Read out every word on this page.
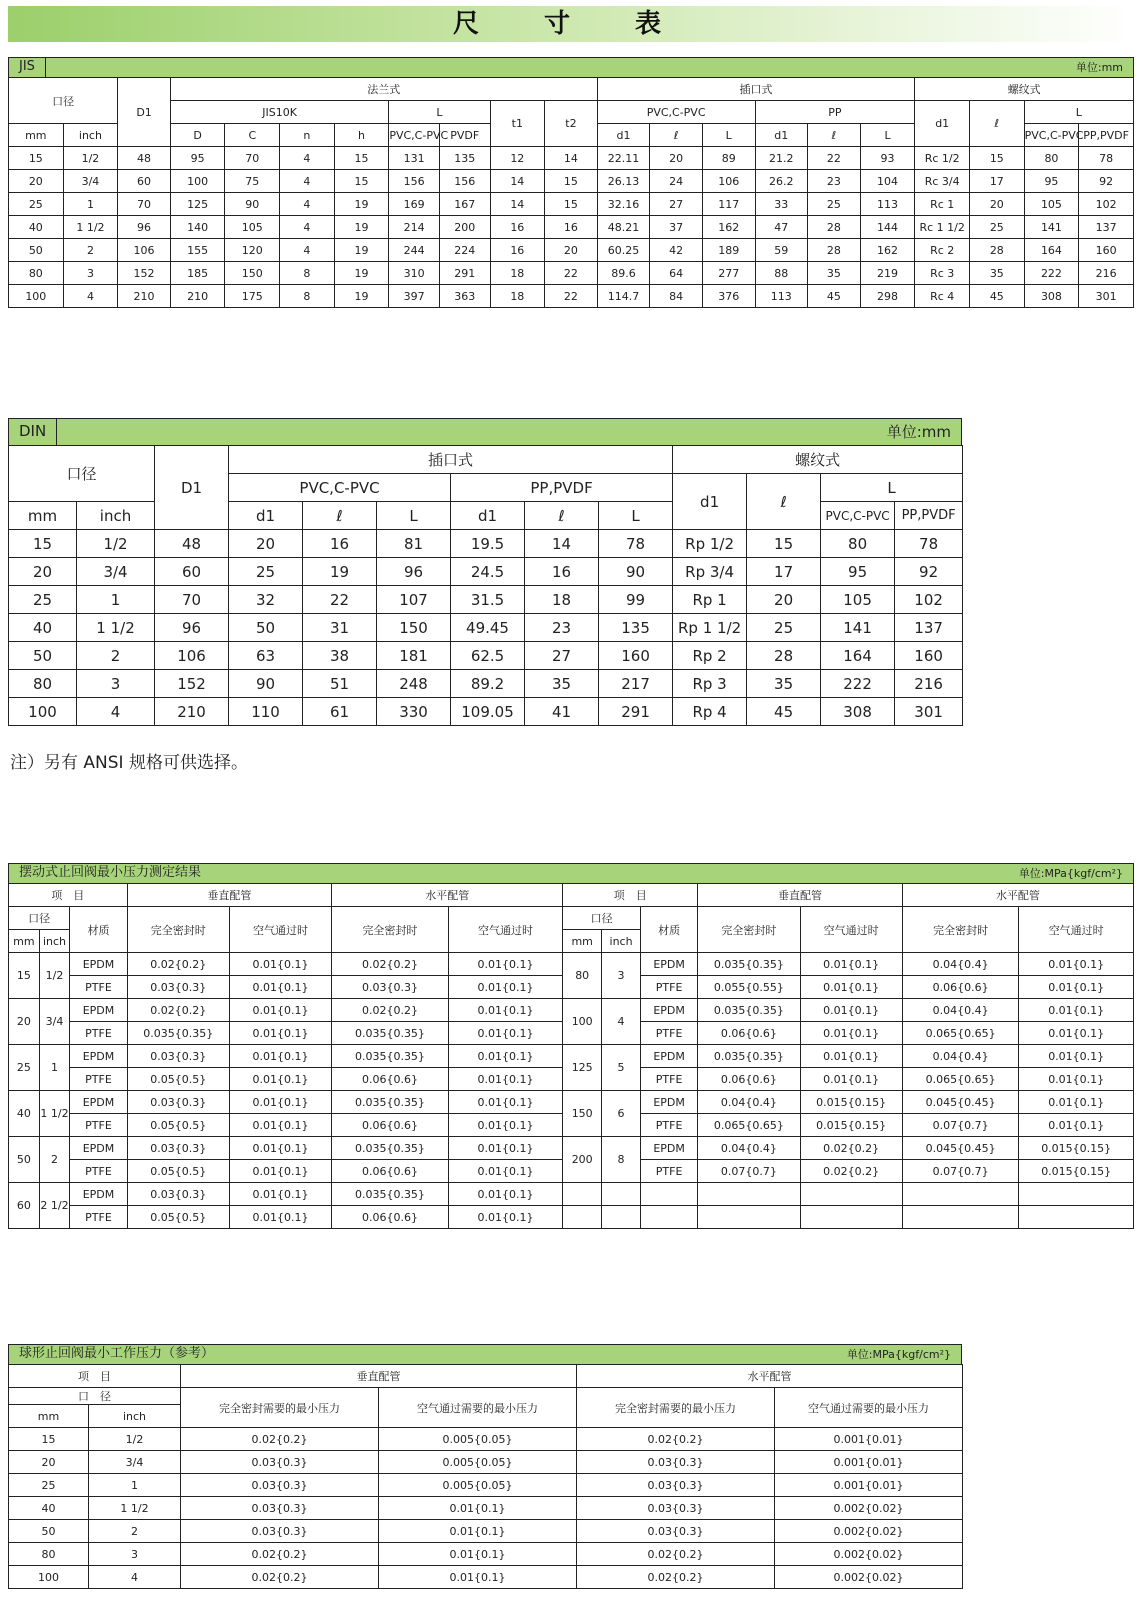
尺 寸 表
JIS	单位:mm
口径		D1	法兰式								插口式						螺纹式			
			JIS10K				L		t1	t2	PVC,C-PVC			PP			d1	ℓ	L	
mm	inch		D	C	n	h	PVC,C-PVC	PVDF			d1	ℓ	L	d1	ℓ	L			PVC,C-PVC	PP,PVDF
15	1/2	48	95	70	4	15	131	135	12	14	22.11	20	89	21.2	22	93	Rc 1/2	15	80	78
20	3/4	60	100	75	4	15	156	156	14	15	26.13	24	106	26.2	23	104	Rc 3/4	17	95	92
25	1	70	125	90	4	19	169	167	14	15	32.16	27	117	33	25	113	Rc 1	20	105	102
40	1 1/2	96	140	105	4	19	214	200	16	16	48.21	37	162	47	28	144	Rc 1 1/2	25	141	137
50	2	106	155	120	4	19	244	224	16	20	60.25	42	189	59	28	162	Rc 2	28	164	160
80	3	152	185	150	8	19	310	291	18	22	89.6	64	277	88	35	219	Rc 3	35	222	216
100	4	210	210	175	8	19	397	363	18	22	114.7	84	376	113	45	298	Rc 4	45	308	301
DIN	单位:mm
口径		D1	插口式						螺纹式			
			PVC,C-PVC			PP,PVDF			d1	ℓ	L	
mm	inch		d1	ℓ	L	d1	ℓ	L			PVC,C-PVC	PP,PVDF
15	1/2	48	20	16	81	19.5	14	78	Rp 1/2	15	80	78
20	3/4	60	25	19	96	24.5	16	90	Rp 3/4	17	95	92
25	1	70	32	22	107	31.5	18	99	Rp 1	20	105	102
40	1 1/2	96	50	31	150	49.45	23	135	Rp 1 1/2	25	141	137
50	2	106	63	38	181	62.5	27	160	Rp 2	28	164	160
80	3	152	90	51	248	89.2	35	217	Rp 3	35	222	216
100	4	210	110	61	330	109.05	41	291	Rp 4	45	308	301
注）另有 ANSI 规格可供选择。
摆动式止回阀最小压力测定结果	单位:MPa{kgf/cm²}
项　目			垂直配管		水平配管		项　目			垂直配管		水平配管	
口径		材质	完全密封时	空气通过时	完全密封时	空气通过时	口径		材质	完全密封时	空气通过时	完全密封时	空气通过时
mm	inch						mm	inch					
15	1/2	EPDM	0.02{0.2}	0.01{0.1}	0.02{0.2}	0.01{0.1}	80	3	EPDM	0.035{0.35}	0.01{0.1}	0.04{0.4}	0.01{0.1}
		PTFE	0.03{0.3}	0.01{0.1}	0.03{0.3}	0.01{0.1}			PTFE	0.055{0.55}	0.01{0.1}	0.06{0.6}	0.01{0.1}
20	3/4	EPDM	0.02{0.2}	0.01{0.1}	0.02{0.2}	0.01{0.1}	100	4	EPDM	0.035{0.35}	0.01{0.1}	0.04{0.4}	0.01{0.1}
		PTFE	0.035{0.35}	0.01{0.1}	0.035{0.35}	0.01{0.1}			PTFE	0.06{0.6}	0.01{0.1}	0.065{0.65}	0.01{0.1}
25	1	EPDM	0.03{0.3}	0.01{0.1}	0.035{0.35}	0.01{0.1}	125	5	EPDM	0.035{0.35}	0.01{0.1}	0.04{0.4}	0.01{0.1}
		PTFE	0.05{0.5}	0.01{0.1}	0.06{0.6}	0.01{0.1}			PTFE	0.06{0.6}	0.01{0.1}	0.065{0.65}	0.01{0.1}
40	1 1/2	EPDM	0.03{0.3}	0.01{0.1}	0.035{0.35}	0.01{0.1}	150	6	EPDM	0.04{0.4}	0.015{0.15}	0.045{0.45}	0.01{0.1}
		PTFE	0.05{0.5}	0.01{0.1}	0.06{0.6}	0.01{0.1}			PTFE	0.065{0.65}	0.015{0.15}	0.07{0.7}	0.01{0.1}
50	2	EPDM	0.03{0.3}	0.01{0.1}	0.035{0.35}	0.01{0.1}	200	8	EPDM	0.04{0.4}	0.02{0.2}	0.045{0.45}	0.015{0.15}
		PTFE	0.05{0.5}	0.01{0.1}	0.06{0.6}	0.01{0.1}			PTFE	0.07{0.7}	0.02{0.2}	0.07{0.7}	0.015{0.15}
60	2 1/2	EPDM	0.03{0.3}	0.01{0.1}	0.035{0.35}	0.01{0.1}							
		PTFE	0.05{0.5}	0.01{0.1}	0.06{0.6}	0.01{0.1}							
球形止回阀最小工作压力（参考）	单位:MPa{kgf/cm²}
项　目		垂直配管		水平配管	
口　径		完全密封需要的最小压力	空气通过需要的最小压力	完全密封需要的最小压力	空气通过需要的最小压力
mm	inch				
15	1/2	0.02{0.2}	0.005{0.05}	0.02{0.2}	0.001{0.01}
20	3/4	0.03{0.3}	0.005{0.05}	0.03{0.3}	0.001{0.01}
25	1	0.03{0.3}	0.005{0.05}	0.03{0.3}	0.001{0.01}
40	1 1/2	0.03{0.3}	0.01{0.1}	0.03{0.3}	0.002{0.02}
50	2	0.03{0.3}	0.01{0.1}	0.03{0.3}	0.002{0.02}
80	3	0.02{0.2}	0.01{0.1}	0.02{0.2}	0.002{0.02}
100	4	0.02{0.2}	0.01{0.1}	0.02{0.2}	0.002{0.02}
